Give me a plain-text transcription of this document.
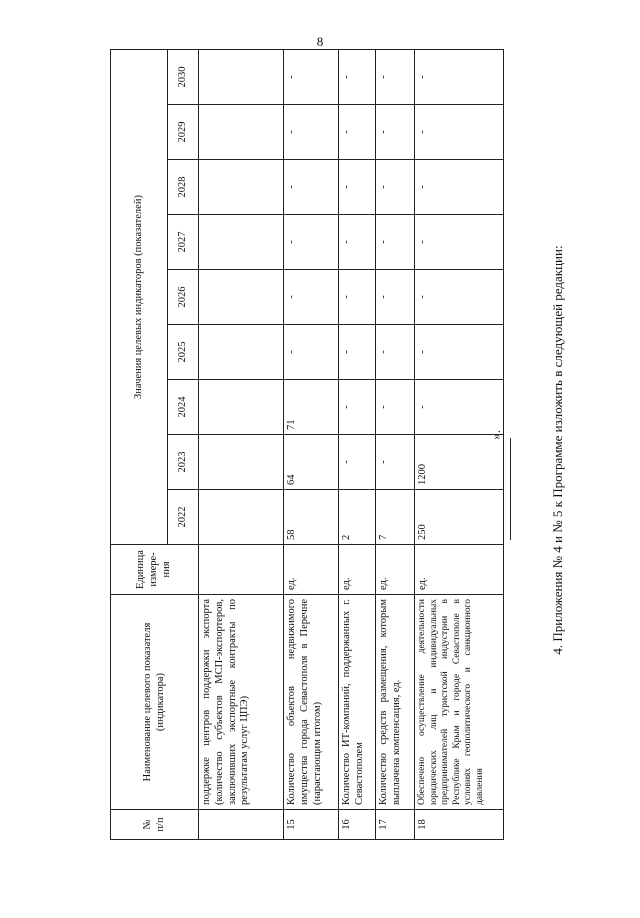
8
№ п/п	Наименование целевого показателя (индикатора)	Единица измере-ния	Значения целевых индикаторов (показателей)								
			2022	2023	2024	2025	2026	2027	2028	2029	2030
	поддержке центров поддержки экспорта (количество субъектов МСП-экспортеров, заключивших экспортные контракты по результатам услуг ЦПЭ)										
15	Количество объектов недвижимого имущества города Севастополя в Перечне (нарастающим итогом)	ед.	58	64	71	-	-	-	-	-	-
16	Количество ИТ-компаний, поддержанных г. Севастополем	ед.	2	-	-	-	-	-	-	-	-
17	Количество средств размещения, которым выплачена компенсация, ед.	ед.	7	-	-	-	-	-	-	-	-
18	Обеспечено осуществление деятельности юридических лиц и индивидуальных предпринимателей туристской индустрии в Республике Крым и городе Севастополе в условиях геополитического и санкционного давления	ед.	250	1200	-	-	-	-	-	-	-
».	4. Приложения № 4 и № 5 к Программе изложить в следующей редакции:
